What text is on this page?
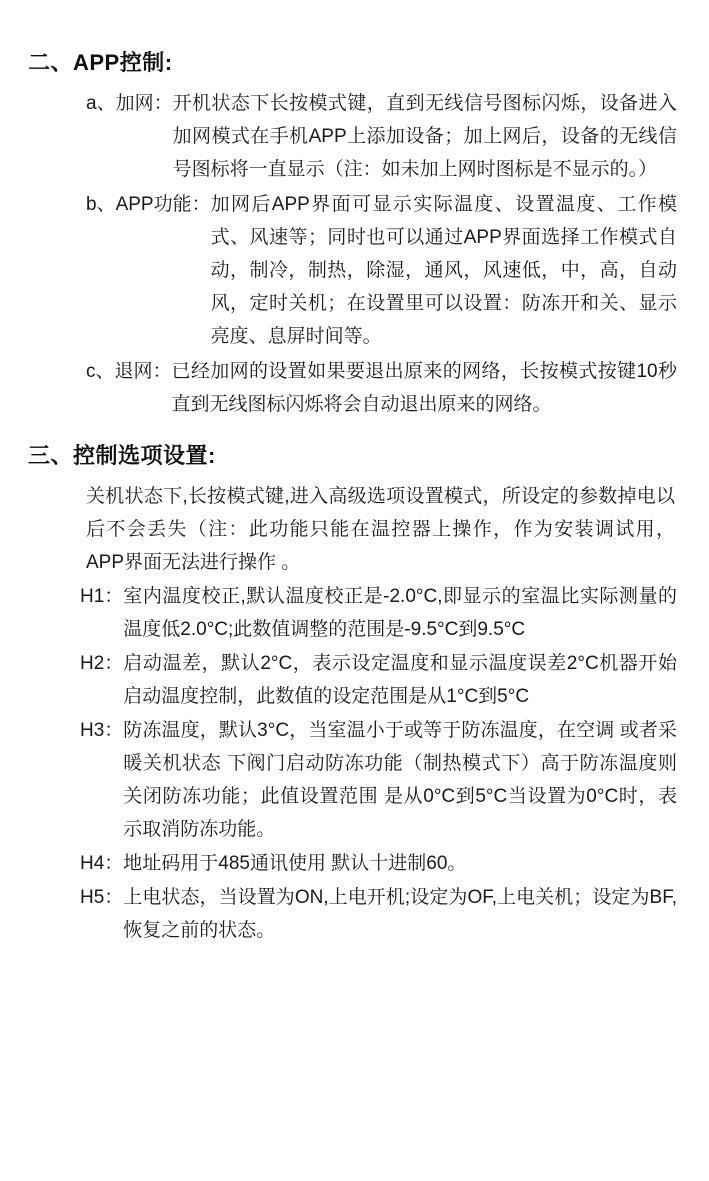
二、APP控制:
a、加网： 开机状态下长按模式键，直到无线信号图标闪烁，设备进入加网模式在手机APP上添加设备；加上网后，设备的无线信号图标将一直显示（注：如未加上网时图标是不显示的。）
b、APP功能： 加网后APP界面可显示实际温度、设置温度、工作模式、风速等；同时也可以通过APP界面选择工作模式自动，制冷，制热，除湿，通风，风速低，中，高，自动风，定时关机；在设置里可以设置：防冻开和关、显示亮度、息屏时间等。
c、退网： 已经加网的设置如果要退出原来的网络，长按模式按键10秒直到无线图标闪烁将会自动退出原来的网络。
三、控制选项设置:
关机状态下,长按模式键,进入高级选项设置模式，所设定的参数掉电以后不会丢失（注：此功能只能在温控器上操作，作为安装调试用，APP界面无法进行操作 。
H1： 室内温度校正,默认温度校正是-2.0°C,即显示的室温比实际测量的温度低2.0°C;此数值调整的范围是-9.5°C到9.5°C
H2： 启动温差，默认2°C，表示设定温度和显示温度误差2°C机器开始启动温度控制，此数值的设定范围是从1°C到5°C
H3： 防冻温度，默认3°C，当室温小于或等于防冻温度，在空调 或者采暖关机状态 下阀门启动防冻功能（制热模式下）高于防冻温度则关闭防冻功能；此值设置范围 是从0°C到5°C当设置为0°C时，表示取消防冻功能。
H4： 地址码用于485通讯使用 默认十进制60。
H5： 上电状态，当设置为ON,上电开机;设定为OF,上电关机；设定为BF,恢复之前的状态。
